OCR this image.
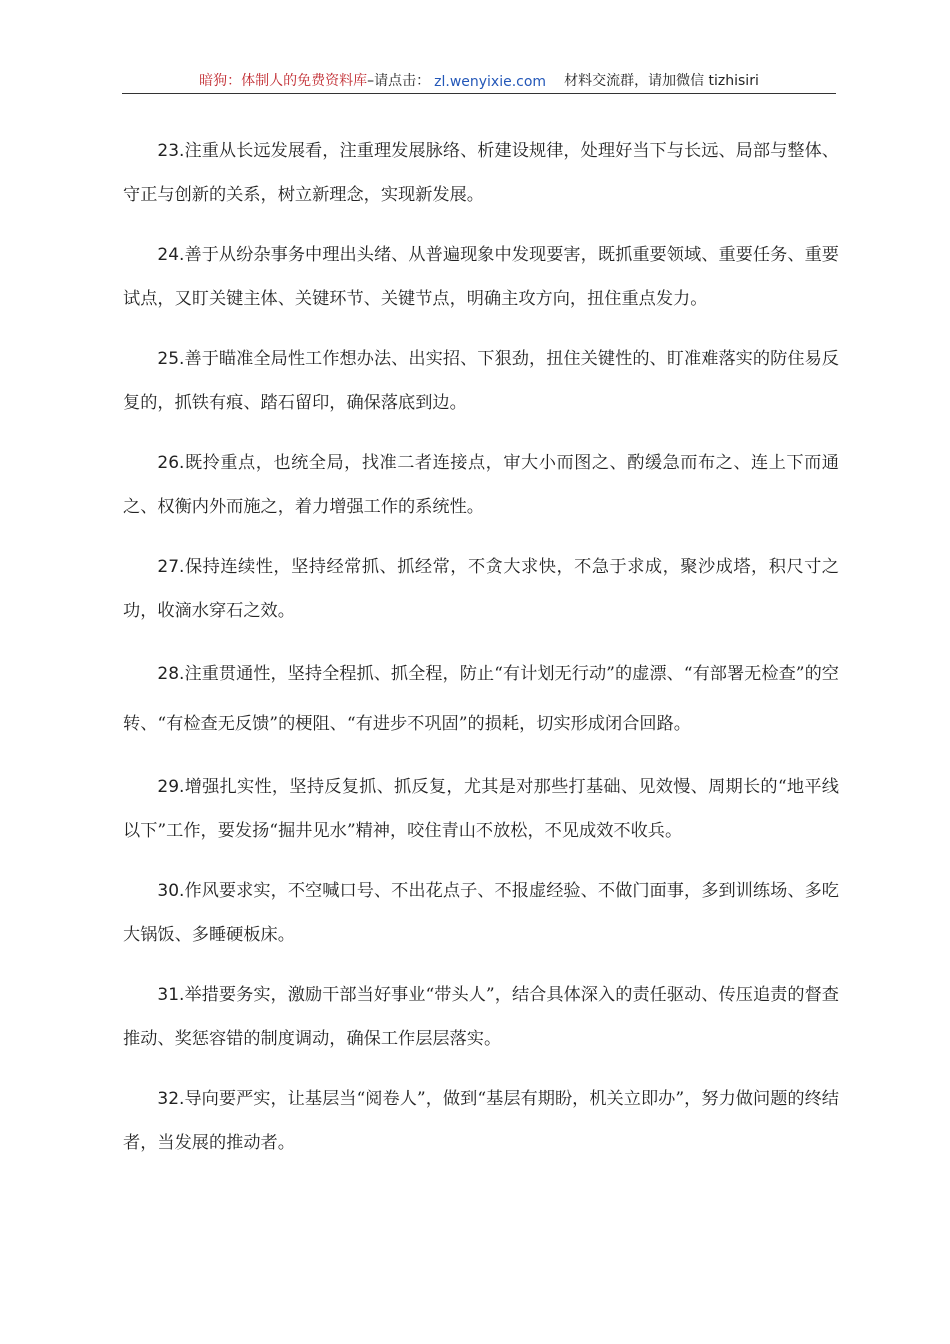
暗狗：体制人的免费资料库 –请点击： zl.wenyixie.com 材料交流群，请加微信 tizhisiri

23.注重从长远发展看，注重理发展脉络、析建设规律，处理好当下与长远、局部与整体、守正与创新的关系，树立新理念，实现新发展。

24.善于从纷杂事务中理出头绪、从普遍现象中发现要害，既抓重要领域、重要任务、重要试点，又盯关键主体、关键环节、关键节点，明确主攻方向，扭住重点发力。

25.善于瞄准全局性工作想办法、出实招、下狠劲，扭住关键性的、盯准难落实的防住易反复的，抓铁有痕、踏石留印，确保落底到边。

26.既拎重点，也统全局，找准二者连接点，审大小而图之、酌缓急而布之、连上下而通之、权衡内外而施之，着力增强工作的系统性。

27.保持连续性，坚持经常抓、抓经常，不贪大求快，不急于求成，聚沙成塔，积尺寸之功，收滴水穿石之效。

28.注重贯通性，坚持全程抓、抓全程，防止“有计划无行动”的虚漂、“有部署无检查”的空转、“有检查无反馈”的梗阻、“有进步不巩固”的损耗，切实形成闭合回路。

29.增强扎实性，坚持反复抓、抓反复，尤其是对那些打基础、见效慢、周期长的“地平线以下”工作，要发扬“掘井见水”精神，咬住青山不放松，不见成效不收兵。

30.作风要求实，不空喊口号、不出花点子、不报虚经验、不做门面事，多到训练场、多吃大锅饭、多睡硬板床。

31.举措要务实，激励干部当好事业“带头人”，结合具体深入的责任驱动、传压追责的督查推动、奖惩容错的制度调动，确保工作层层落实。

32.导向要严实，让基层当“阅卷人”，做到“基层有期盼，机关立即办”，努力做问题的终结者，当发展的推动者。
